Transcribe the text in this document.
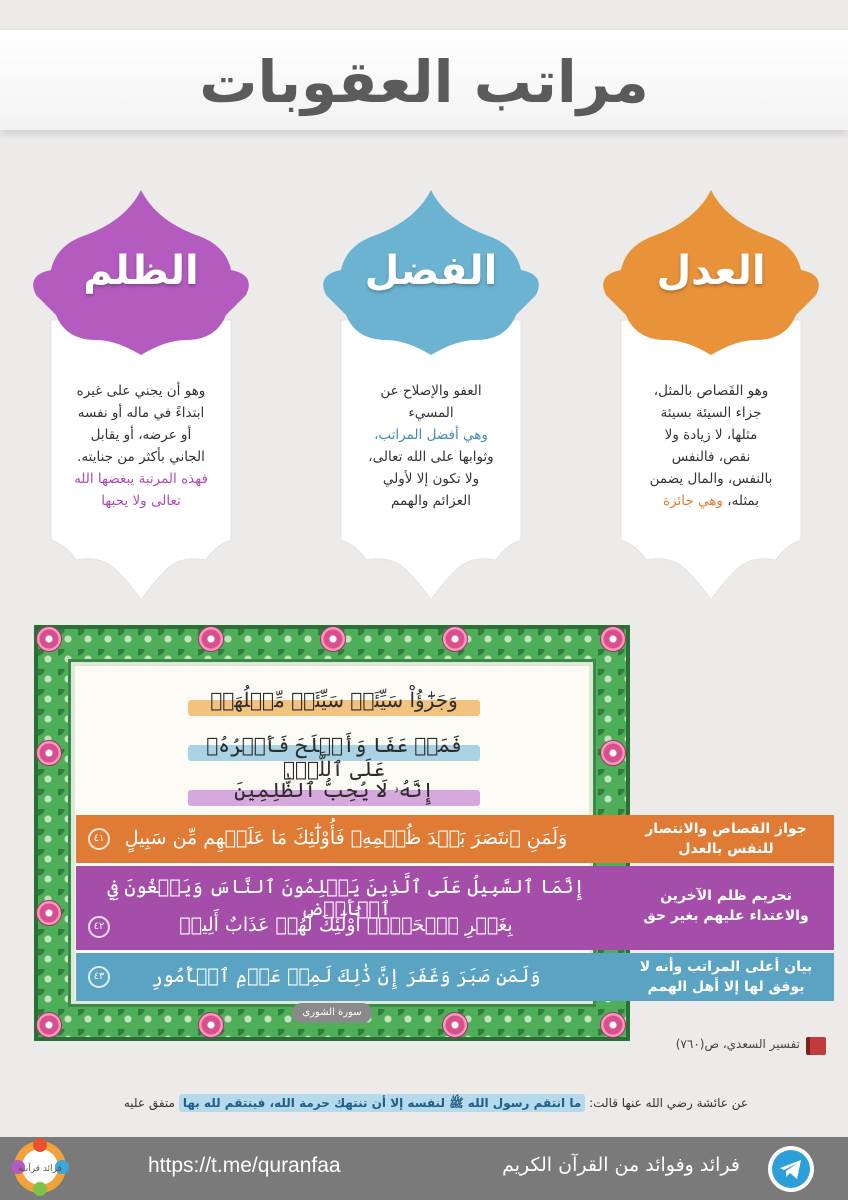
مراتب العقوبات
العدل
وهو القَصاص بالمثل،
جزاء السيئة بسيئة
مثلها، لا زيادة ولا
نقص، فالنفس
بالنفس، والمال يضمن
بمثله، وهي جائزة
الفضل
العفو والإصلاح عن
المسيء
وهي أفضل المراتب،
وثوابها على الله تعالى،
ولا تكون إلا لأولي
العزائم والهمم
الظلم
وهو أن يجني على غيره
ابتداءً في ماله أو نفسه
أو عرضه، أو يقابل
الجاني بأكثر من جنايته.
فهذه المرتبة يبغضها الله
تعالى ولا يحبها
وَجَزَٰٓؤُاْ سَيِّئَةٖ سَيِّئَةٞ مِّثۡلُهَاۖ
فَمَنۡ عَفَا وَأَصۡلَحَ فَأَجۡرُهُۥ عَلَى ٱللَّهِۚ
إِنَّهُۥ لَا يُحِبُّ ٱلظَّٰلِمِينَ
وَلَمَنِ ٱنتَصَرَ بَعۡدَ ظُلۡمِهِۦ فَأُوْلَٰٓئِكَ مَا عَلَيۡهِم مِّن سَبِيلٍ
٤١
جواز القصاص والانتصار
للنفس بالعدل
إِنَّمَا ٱلسَّبِيلُ عَلَى ٱلَّذِينَ يَظۡلِمُونَ ٱلنَّاسَ وَيَبۡغُونَ فِي ٱلۡأَرۡضِ
بِغَيۡرِ ٱلۡحَقِّۚ أُوْلَٰٓئِكَ لَهُمۡ عَذَابٌ أَلِيمٞ
٤٢
تحريم ظلم الآخرين
والاعتداء عليهم بغير حق
وَلَمَن صَبَرَ وَغَفَرَ إِنَّ ذَٰلِكَ لَمِنۡ عَزۡمِ ٱلۡأُمُورِ
٤٣
بيان أعلى المراتب وأنه لا
يوفق لها إلا أهل الهمم
سورة الشورى
تفسير السعدي، ص(٧٦٠)
عن عائشة رضي الله عنها قالت: ما انتقم رسول الله ﷺ لنفسه إلا أن تنتهك حرمة الله، فينتقم لله بها متفق عليه
https://t.me/quranfaa	فرائد وفوائد من القرآن الكريم
فرائد قرآنية
